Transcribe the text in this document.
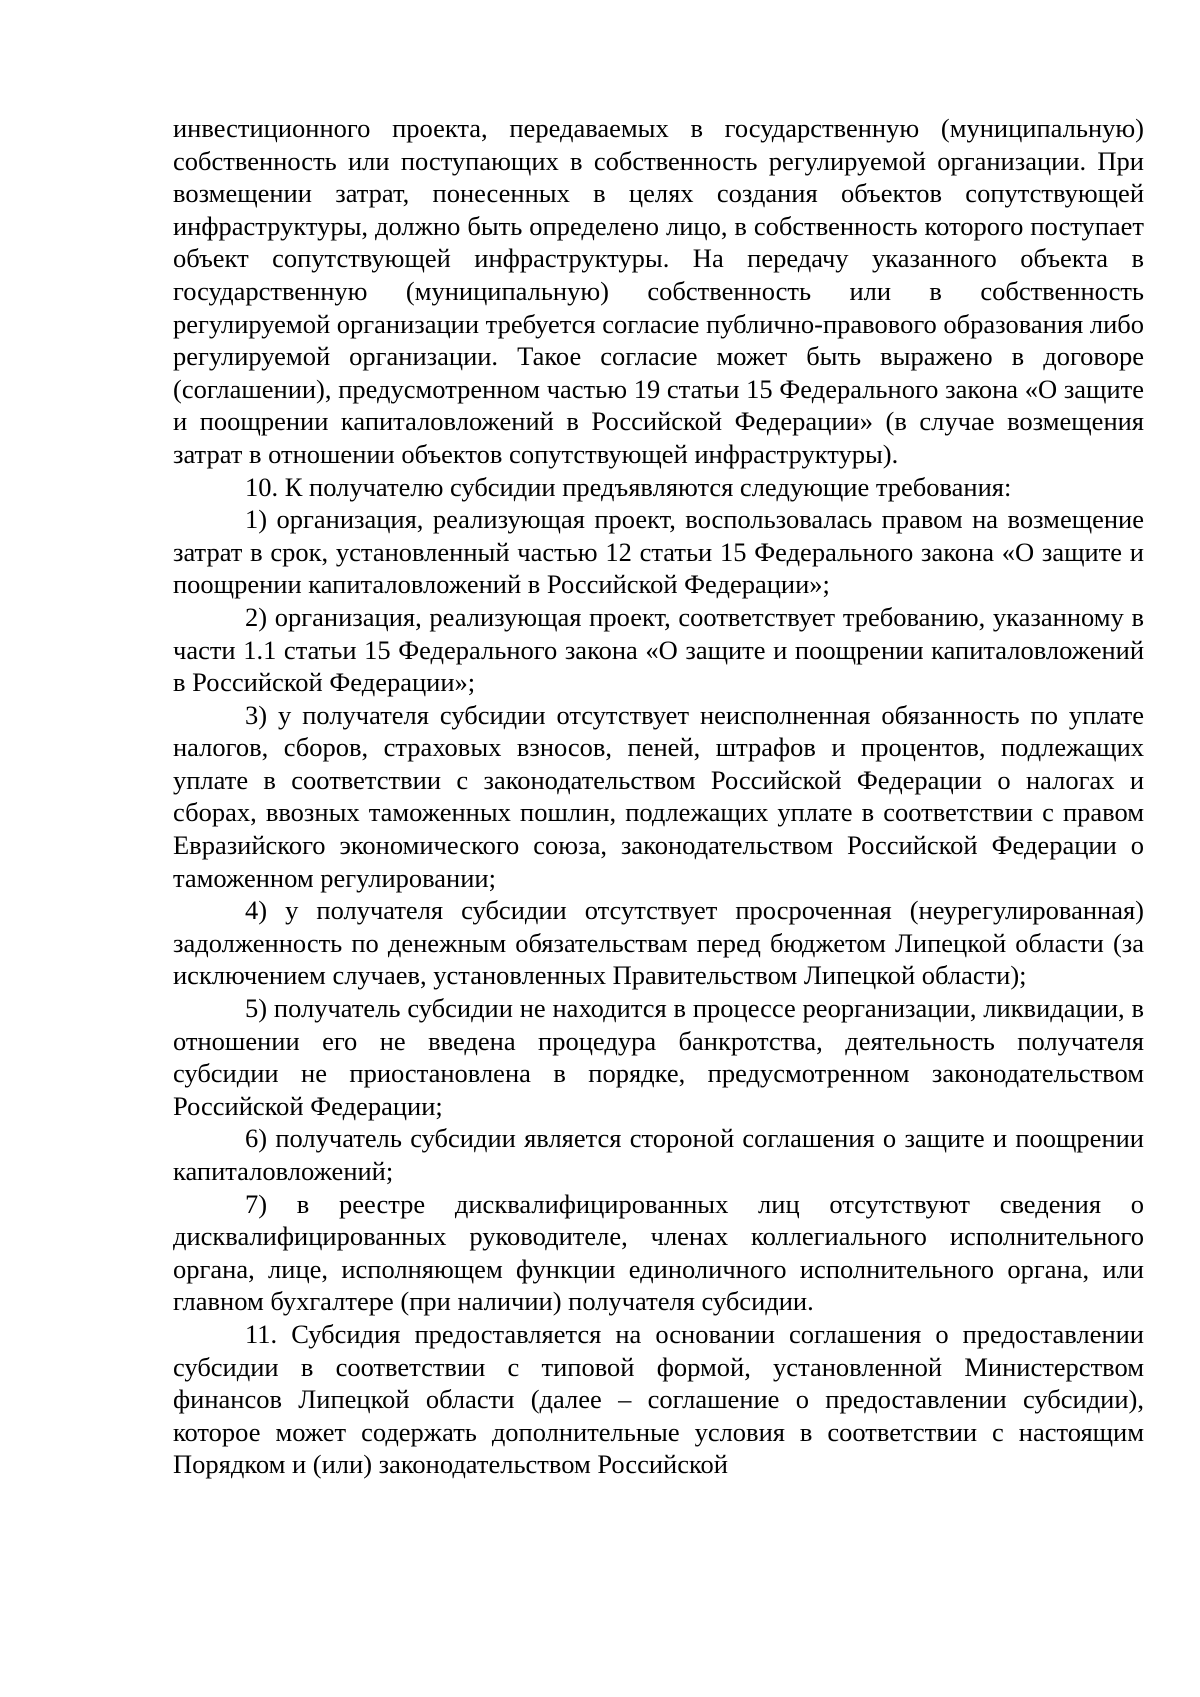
инвестиционного проекта, передаваемых в государственную (муниципальную) собственность или поступающих в собственность регулируемой организации. При возмещении затрат, понесенных в целях создания объектов сопутствующей инфраструктуры, должно быть определено лицо, в собственность которого поступает объект сопутствующей инфраструктуры. На передачу указанного объекта в государственную (муниципальную) собственность или в собственность регулируемой организации требуется согласие публично-правового образования либо регулируемой организации. Такое согласие может быть выражено в договоре (соглашении), предусмотренном частью 19 статьи 15 Федерального закона «О защите и поощрении капиталовложений в Российской Федерации» (в случае возмещения затрат в отношении объектов сопутствующей инфраструктуры).

10. К получателю субсидии предъявляются следующие требования:

1) организация, реализующая проект, воспользовалась правом на возмещение затрат в срок, установленный частью 12 статьи 15 Федерального закона «О защите и поощрении капиталовложений в Российской Федерации»;

2) организация, реализующая проект, соответствует требованию, указанному в части 1.1 статьи 15 Федерального закона «О защите и поощрении капиталовложений в Российской Федерации»;

3) у получателя субсидии отсутствует неисполненная обязанность по уплате налогов, сборов, страховых взносов, пеней, штрафов и процентов, подлежащих уплате в соответствии с законодательством Российской Федерации о налогах и сборах, ввозных таможенных пошлин, подлежащих уплате в соответствии с правом Евразийского экономического союза, законодательством Российской Федерации о таможенном регулировании;

4) у получателя субсидии отсутствует просроченная (неурегулированная) задолженность по денежным обязательствам перед бюджетом Липецкой области (за исключением случаев, установленных Правительством Липецкой области);

5) получатель субсидии не находится в процессе реорганизации, ликвидации, в отношении его не введена процедура банкротства, деятельность получателя субсидии не приостановлена в порядке, предусмотренном законодательством Российской Федерации;

6) получатель субсидии является стороной соглашения о защите и поощрении капиталовложений;

7) в реестре дисквалифицированных лиц отсутствуют сведения о дисквалифицированных руководителе, членах коллегиального исполнительного органа, лице, исполняющем функции единоличного исполнительного органа, или главном бухгалтере (при наличии) получателя субсидии.

11. Субсидия предоставляется на основании соглашения о предоставлении субсидии в соответствии с типовой формой, установленной Министерством финансов Липецкой области (далее – соглашение о предоставлении субсидии), которое может содержать дополнительные условия в соответствии с настоящим Порядком и (или) законодательством Российской
